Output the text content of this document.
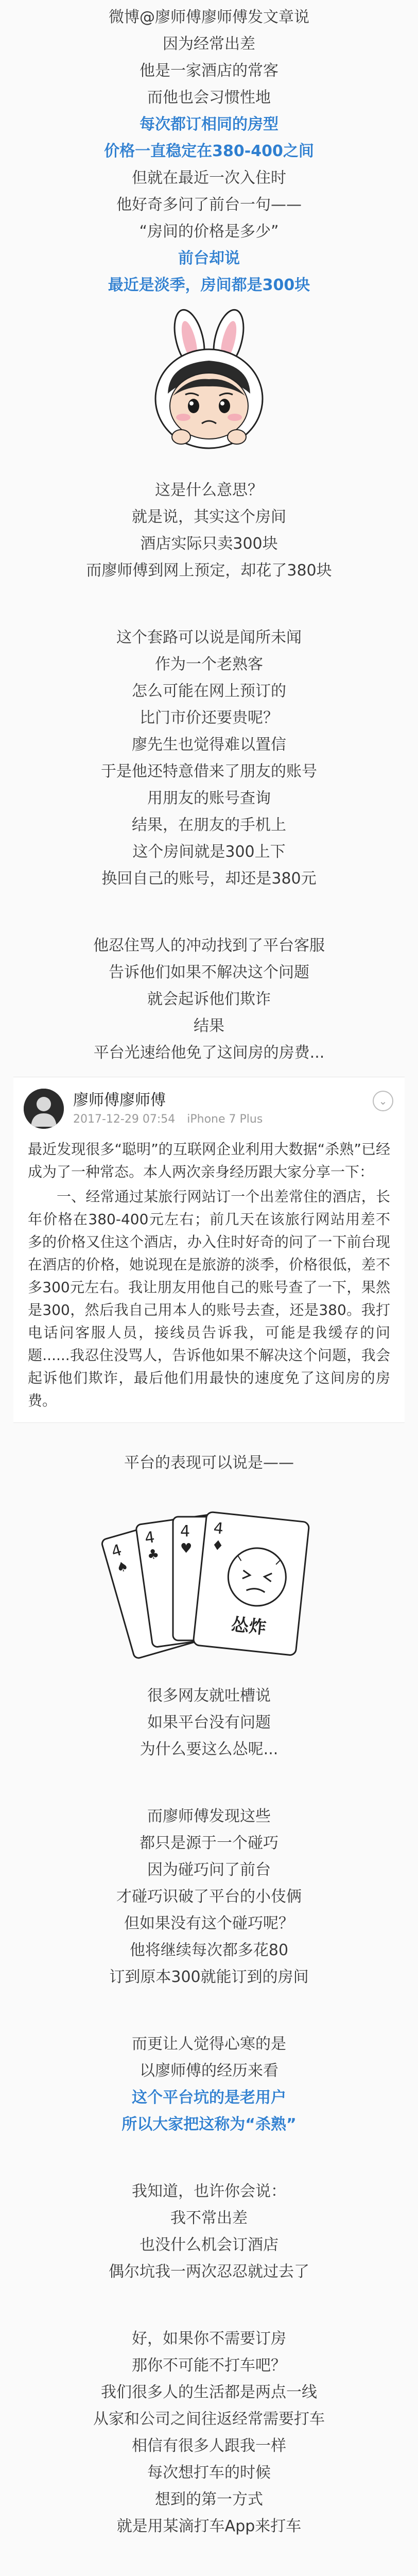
微博@廖师傅廖师傅发文章说
因为经常出差
他是一家酒店的常客
而他也会习惯性地
每次都订相同的房型
价格一直稳定在380-400之间
但就在最近一次入住时
他好奇多问了前台一句——
“房间的价格是多少”
前台却说
最近是淡季，房间都是300块
这是什么意思？
就是说，其实这个房间
酒店实际只卖300块
而廖师傅到网上预定，却花了380块
这个套路可以说是闻所未闻
作为一个老熟客
怎么可能在网上预订的
比门市价还要贵呢？
廖先生也觉得难以置信
于是他还特意借来了朋友的账号
用朋友的账号查询
结果，在朋友的手机上
这个房间就是300上下
换回自己的账号，却还是380元
他忍住骂人的冲动找到了平台客服
告诉他们如果不解决这个问题
就会起诉他们欺诈
结果
平台光速给他免了这间房的房费...
廖师傅廖师傅
2017-12-29 07:54 iPhone 7 Plus
⌄
最近发现很多“聪明”的互联网企业利用大数据“杀熟”已经成为了一种常态。本人两次亲身经历跟大家分享一下：
一、经常通过某旅行网站订一个出差常住的酒店，长年价格在380-400元左右；前几天在该旅行网站用差不多的价格又住这个酒店，办入住时好奇的问了一下前台现在酒店的价格，她说现在是旅游的淡季，价格很低，差不多300元左右。我让朋友用他自己的账号查了一下，果然是300，然后我自己用本人的账号去查，还是380。我打电话问客服人员，接线员告诉我，可能是我缓存的问题......我忍住没骂人，告诉他如果不解决这个问题，我会起诉他们欺诈，最后他们用最快的速度免了这间房的房费。
平台的表现可以说是——
4
♠
4
♣
4
♥
4
♦
怂炸
很多网友就吐槽说
如果平台没有问题
为什么要这么怂呢...
而廖师傅发现这些
都只是源于一个碰巧
因为碰巧问了前台
才碰巧识破了平台的小伎俩
但如果没有这个碰巧呢？
他将继续每次都多花80
订到原本300就能订到的房间
而更让人觉得心寒的是
以廖师傅的经历来看
这个平台坑的是老用户
所以大家把这称为“杀熟”
我知道，也许你会说：
我不常出差
也没什么机会订酒店
偶尔坑我一两次忍忍就过去了
好，如果你不需要订房
那你不可能不打车吧？
我们很多人的生活都是两点一线
从家和公司之间往返经常需要打车
相信有很多人跟我一样
每次想打车的时候
想到的第一方式
就是用某滴打车App来打车
